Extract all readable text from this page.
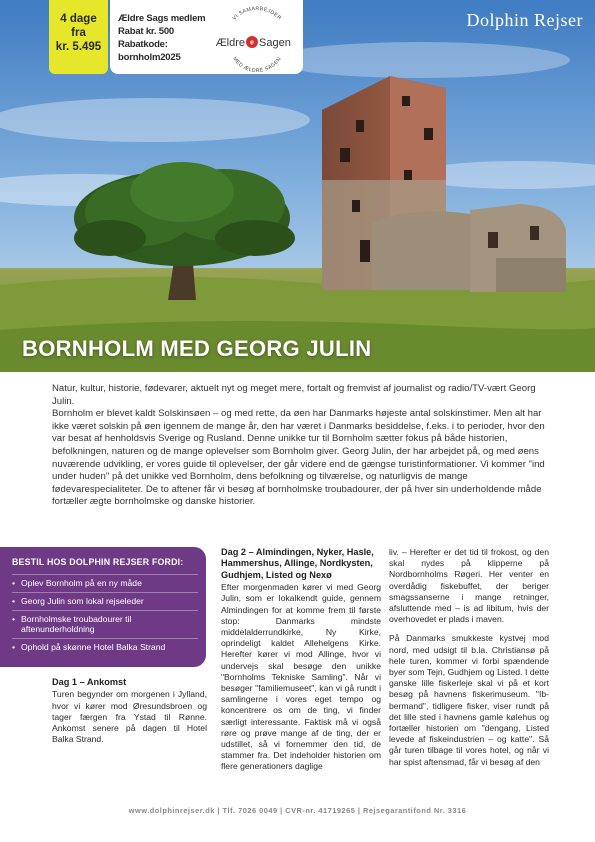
4 dage
fra
kr. 5.495

Ældre Sags medlem

Rabat kr. 500

Rabatkode:

bornholm2025

VI SAMARBEJDER
MED ÆLDRE SAGEN
Ældre e Sagen
Dolphin Rejser
BORNHOLM MED GEORG JULIN

Natur, kultur, historie, fødevarer, aktuelt nyt og meget mere, fortalt og fremvist af journalist og radio/TV-vært Georg Julin.

Bornholm er blevet kaldt Solskinsøen – og med rette, da øen har Danmarks højeste antal solskinstimer. Men alt har ikke været solskin på øen igennem de mange år, den har været i Danmarks besiddelse, f.eks. i to perioder, hvor den var besat af henholdsvis Sverige og Rusland. Denne unikke tur til Bornholm sætter fokus på både historien, befolkningen, naturen og de mange oplevelser som Bornholm giver. Georg Julin, der har arbejdet på, og med øens nuværende udvikling, er vores guide til oplevelser, der går videre end de gængse turistinformationer. Vi kommer "ind under huden" på det unikke ved Bornholm, dens befolkning og tilværelse, og naturligvis de mange fødevarespecialiteter. De to aftener får vi besøg af bornholmske troubadourer, der på hver sin underholdende måde fortæller ægte bornholmske og danske historier.

BESTIL HOS DOLPHIN REJSER FORDI:
• Oplev Bornholm på en ny måde
• Georg Julin som lokal rejseleder
• Bornholmske troubadourer til aftenunderholdning
• Ophold på skønne Hotel Balka Strand
Dag 1 – Ankomst

Turen begynder om morgenen i Jylland, hvor vi kører mod Øresundsbroen og tager færgen fra Ystad til Rønne. Ankomst senere på dagen til Hotel Balka Strand.

Dag 2 – Almindingen, Nyker, Hasle, Hammershus, Allinge, Nordkysten, Gudhjem, Listed og Nexø

Efter morgenmaden kører vi med Georg Julin, som er lokalkendt guide, gennem Almindingen for at komme frem til første stop: Danmarks mindste middelalderrundkirke, Ny Kirke, oprindeligt kaldet Allehelgens Kirke. Herefter kører vi mod Allinge, hvor vi undervejs skal besøge den unikke "Bornholms Tekniske Samling". Når vi besøger "familiemuseet", kan vi gå rundt i samlingerne i vores eget tempo og koncentrere os om de ting, vi finder særligt interessante. Faktisk må vi også røre og prøve mange af de ting, der er udstillet, så vi fornemmer den tid, de stammer fra. Det indeholder historien om flere generationers daglige

liv. – Herefter er det tid til frokost, og den skal nydes på klipperne på Nordbornholms Røgeri. Her venter en overdådig fiskebuffet, der beriger smagssanserne i mange retninger, afsluttende med – is ad libitum, hvis der overhovedet er plads i maven.

På Danmarks smukkeste kystvej mod nord, med udsigt til b.la. Christiansø på hele turen, kommer vi forbi spændende byer som Tejn, Gudhjem og Listed. I dette ganske lille fiskerleje skal vi på et kort besøg på havnens fiskerimuseum. "Ib-bermand", tidligere fisker, viser rundt på det lille sted i havnens gamle kølehus og fortæller historien om "dengang, Listed levede af fiskeindustrien – og katte". Så går turen tilbage til vores hotel, og når vi har spist aftensmad, får vi besøg af den

www.dolphinrejser.dk | Tlf. 7026 0049 | CVR-nr. 41719265 | Rejsegarantifond Nr. 3316
